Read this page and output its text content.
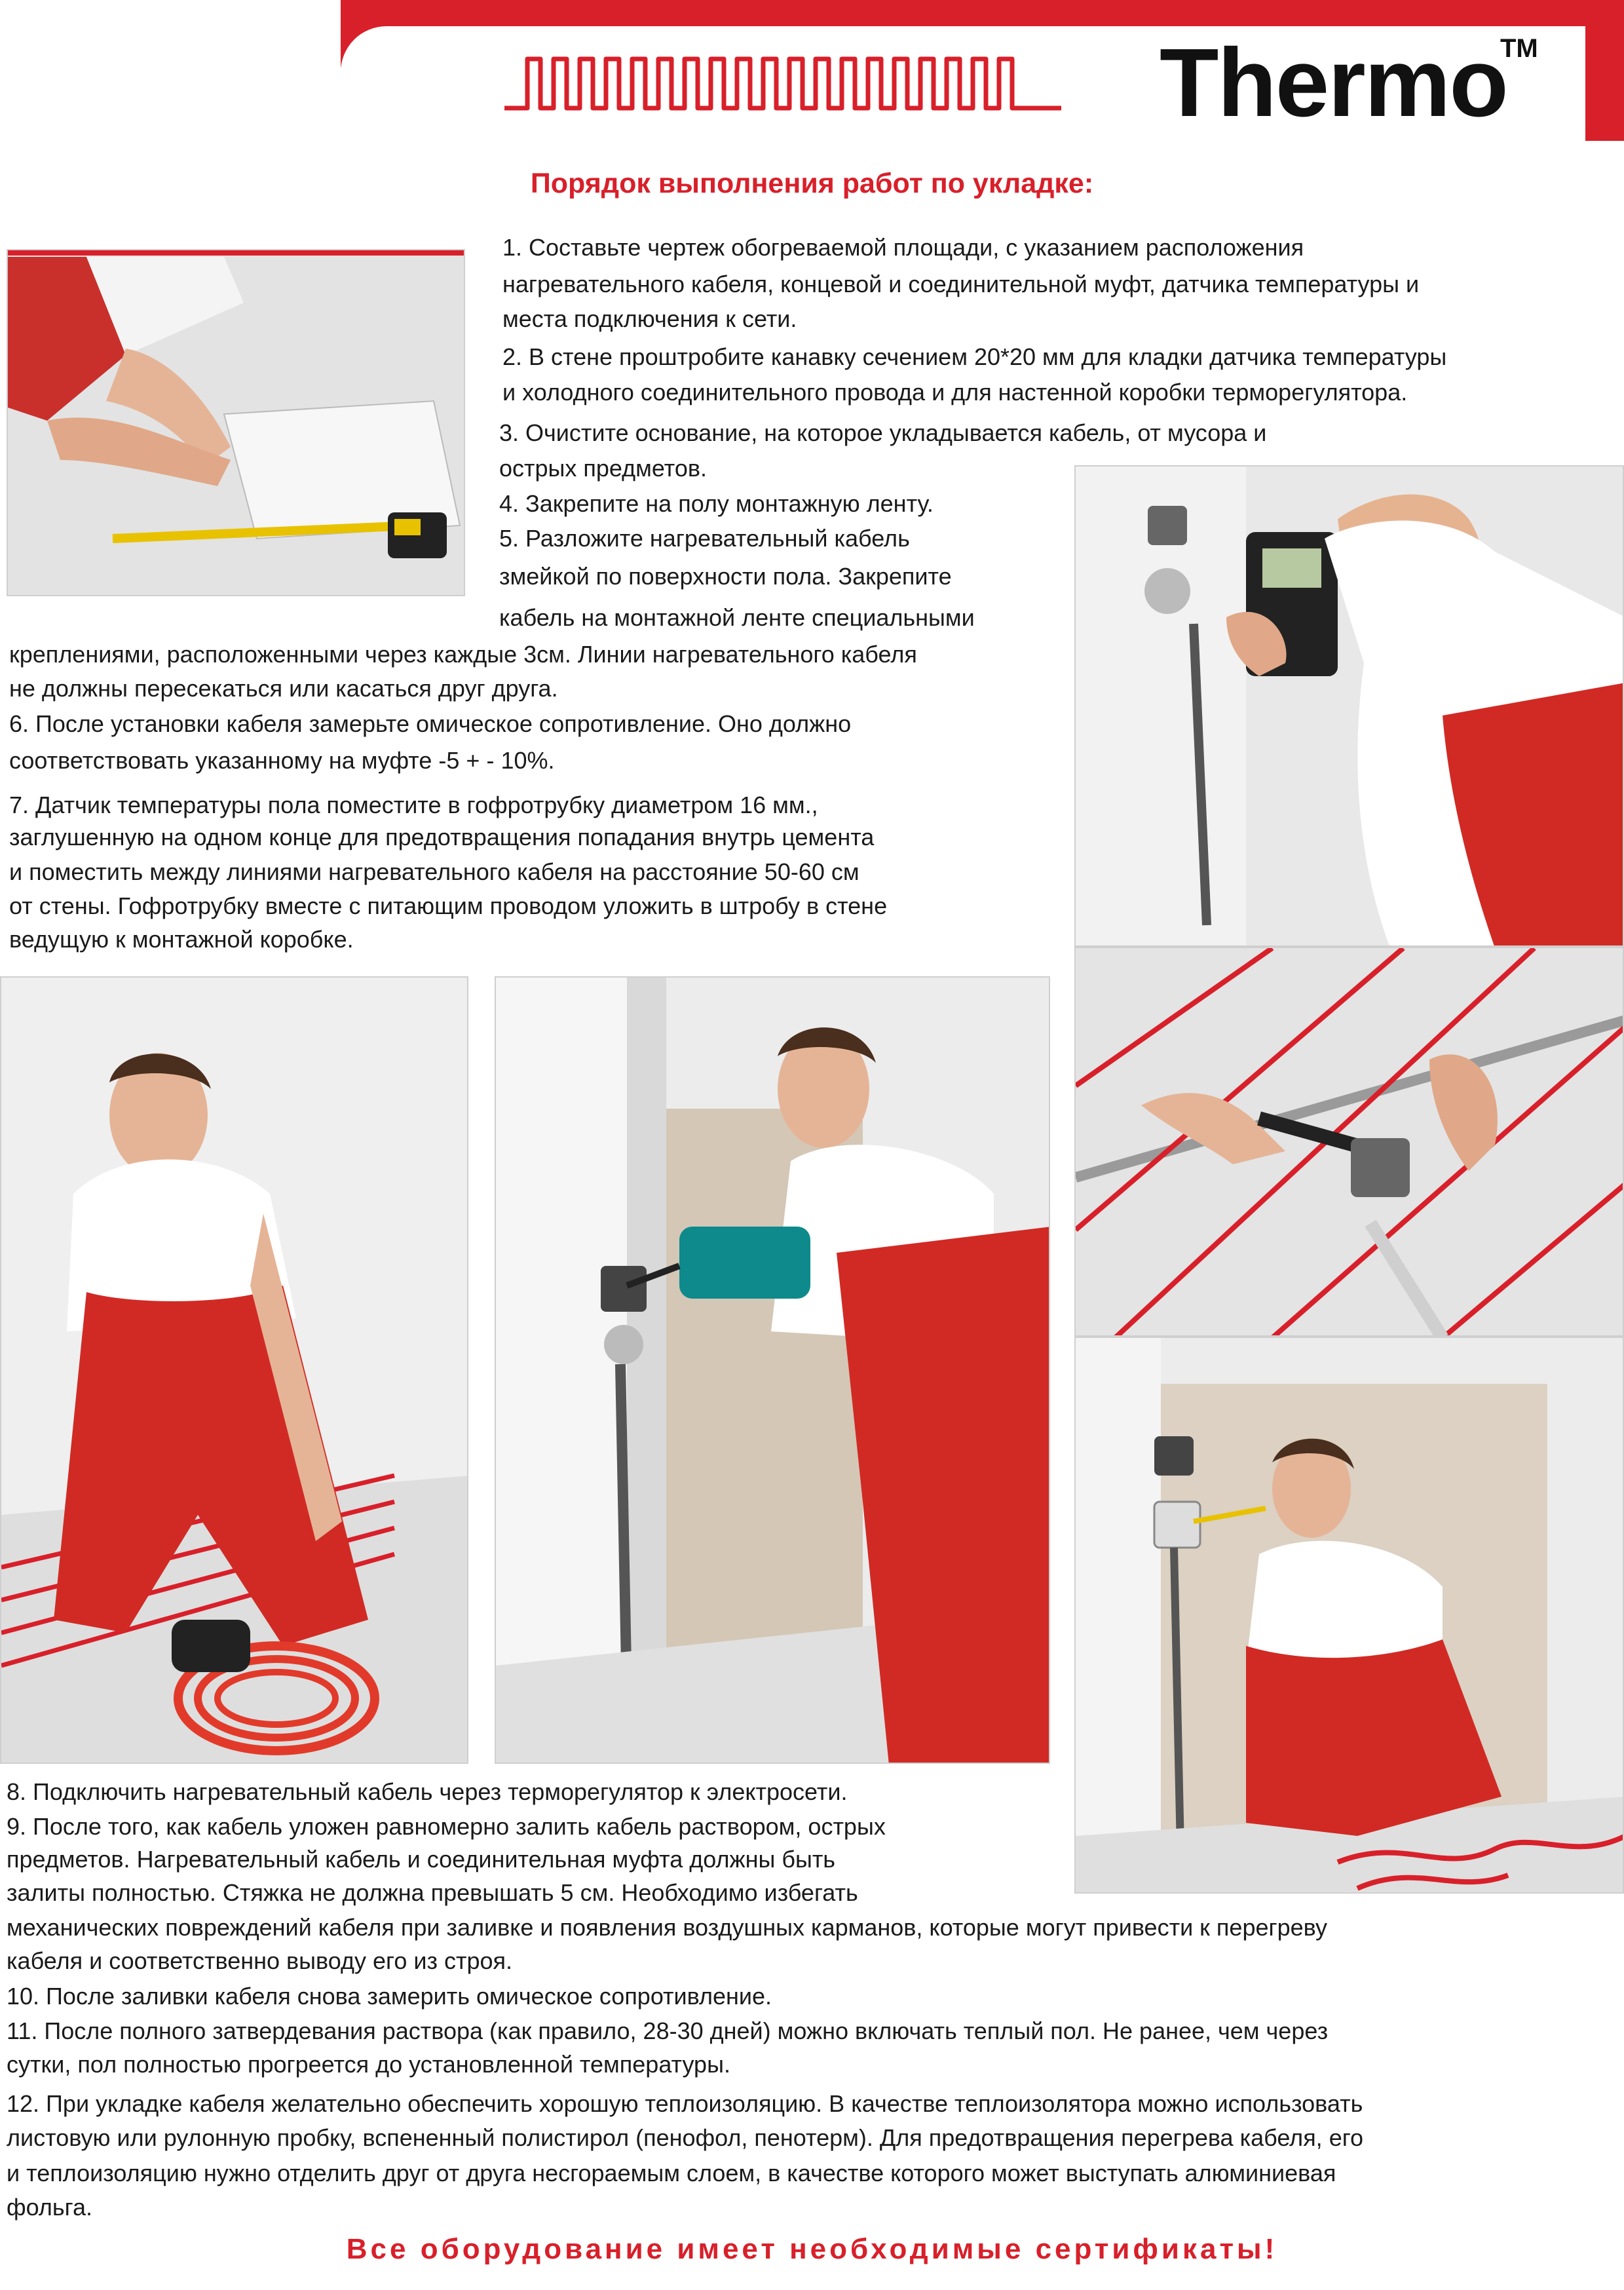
Thermo
TM
Порядок выполнения работ по укладке:
1. Составьте чертеж обогреваемой площади, с указанием расположения
нагревательного кабеля, концевой и соединительной муфт, датчика температуры и
места подключения к сети.
2. В стене проштробите канавку сечением 20*20 мм для кладки датчика температуры
и холодного соединительного провода и для настенной коробки терморегулятора.
3. Очистите основание, на которое укладывается кабель, от мусора и
острых предметов.
4. Закрепите на полу монтажную ленту.
5. Разложите нагревательный кабель
змейкой по поверхности пола. Закрепите
кабель на монтажной ленте специальными
креплениями, расположенными через каждые 3см. Линии нагревательного кабеля
не должны пересекаться или касаться друг друга.
6. После установки кабеля замерьте омическое сопротивление. Оно должно
соответствовать указанному на муфте -5 + - 10%.
7. Датчик температуры пола поместите в гофротрубку диаметром 16 мм.,
заглушенную на одном конце для предотвращения попадания внутрь цемента
и поместить между линиями нагревательного кабеля на расстояние 50-60 см
от стены. Гофротрубку вместе с питающим проводом уложить в штробу в стене
ведущую к монтажной коробке.
8. Подключить нагревательный кабель через терморегулятор к электросети.
9. После того, как кабель уложен равномерно залить кабель раствором, острых
предметов. Нагревательный кабель и соединительная муфта должны быть
залиты полностью. Стяжка не должна превышать 5 см. Необходимо избегать
механических повреждений кабеля при заливке и появления воздушных карманов, которые могут привести к перегреву
кабеля и соответственно выводу его из строя.
10. После заливки кабеля снова замерить омическое сопротивление.
11. После полного затвердевания раствора (как правило, 28-30 дней) можно включать теплый пол. Не ранее, чем через
сутки, пол полностью прогреется до установленной температуры.
12. При укладке кабеля желательно обеспечить хорошую теплоизоляцию. В качестве теплоизолятора можно использовать
листовую или рулонную пробку, вспененный полистирол (пенофол, пенотерм). Для предотвращения перегрева кабеля, его
и теплоизоляцию нужно отделить друг от друга несгораемым слоем, в качестве которого может выступать алюминиевая
фольга.
Все оборудование имеет необходимые сертификаты!
